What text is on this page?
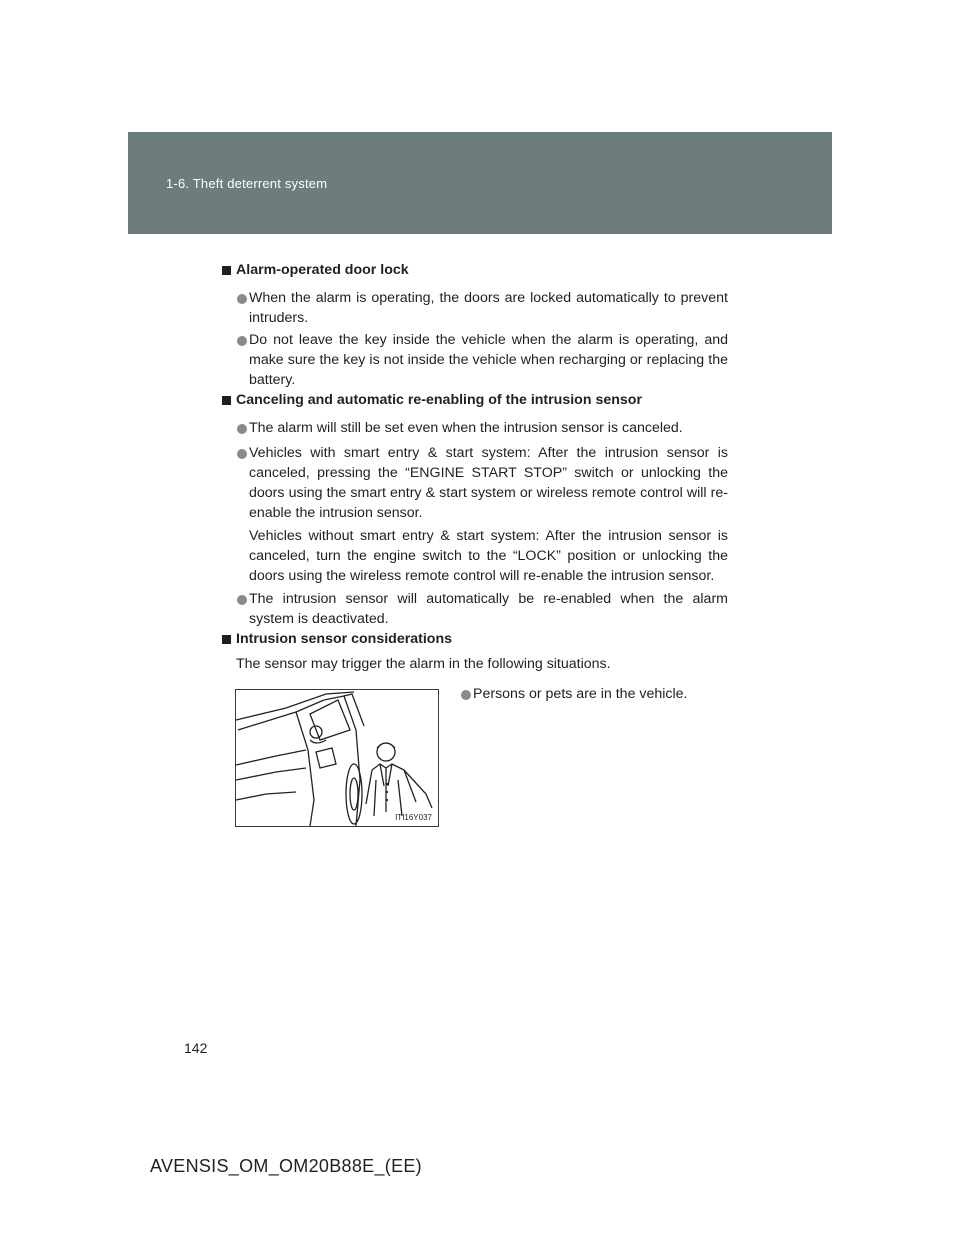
1-6. Theft deterrent system
Alarm-operated door lock
When the alarm is operating, the doors are locked automatically to prevent intruders.
Do not leave the key inside the vehicle when the alarm is operating, and make sure the key is not inside the vehicle when recharging or replacing the battery.
Canceling and automatic re-enabling of the intrusion sensor
The alarm will still be set even when the intrusion sensor is canceled.
Vehicles with smart entry & start system: After the intrusion sensor is canceled, pressing the “ENGINE START STOP” switch or unlocking the doors using the smart entry & start system or wireless remote control will re-enable the intrusion sensor.
Vehicles without smart entry & start system: After the intrusion sensor is canceled, turn the engine switch to the “LOCK” position or unlocking the doors using the wireless remote control will re-enable the intrusion sensor.
The intrusion sensor will automatically be re-enabled when the alarm system is deactivated.
Intrusion sensor considerations
The sensor may trigger the alarm in the following situations.
Persons or pets are in the vehicle.
ITI16Y037
142
AVENSIS_OM_OM20B88E_(EE)
